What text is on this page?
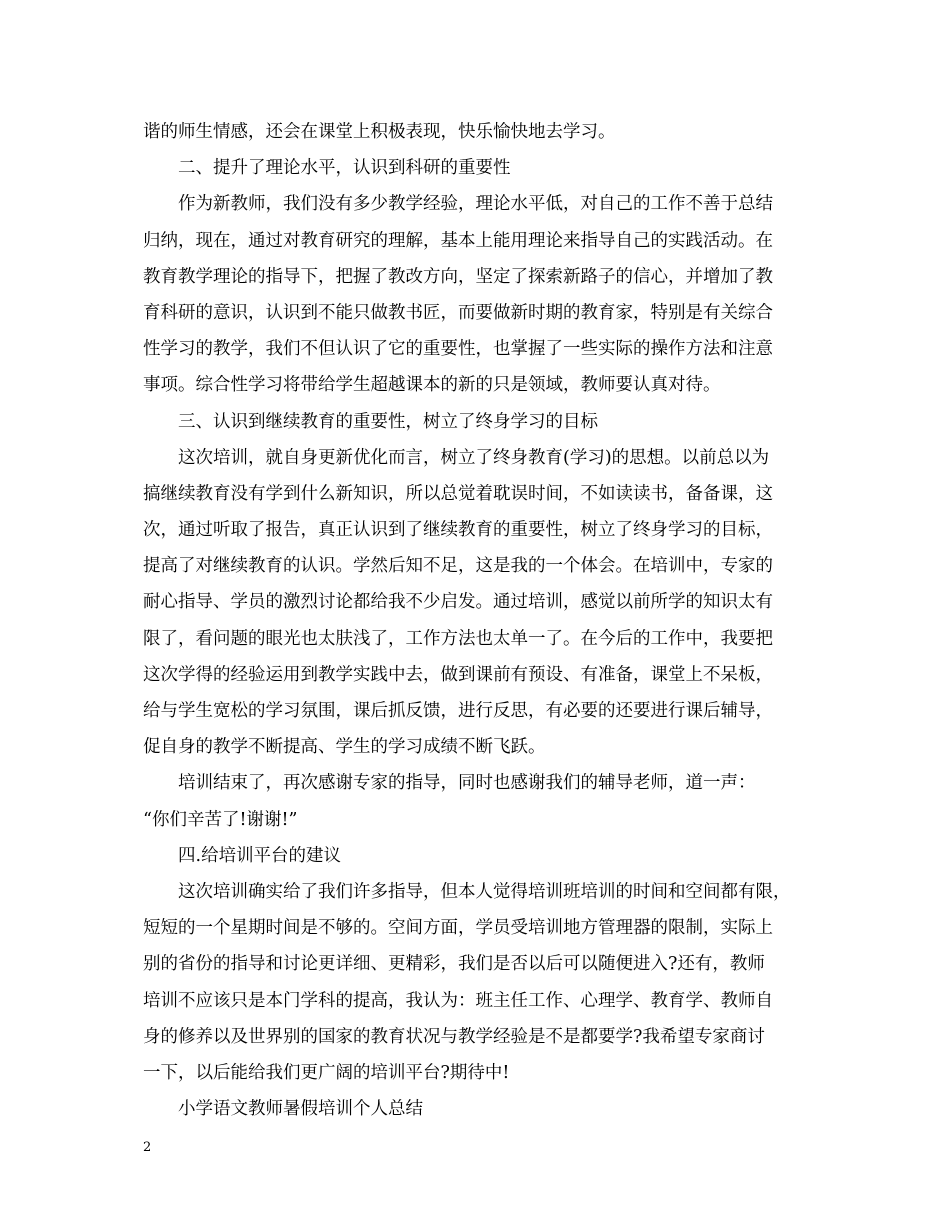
谐的师生情感，还会在课堂上积极表现，快乐愉快地去学习。
二、提升了理论水平，认识到科研的重要性
作为新教师，我们没有多少教学经验，理论水平低，对自己的工作不善于总结
归纳，现在，通过对教育研究的理解，基本上能用理论来指导自己的实践活动。在
教育教学理论的指导下，把握了教改方向，坚定了探索新路子的信心，并增加了教
育科研的意识，认识到不能只做教书匠，而要做新时期的教育家，特别是有关综合
性学习的教学，我们不但认识了它的重要性，也掌握了一些实际的操作方法和注意
事项。综合性学习将带给学生超越课本的新的只是领域，教师要认真对待。
三、认识到继续教育的重要性，树立了终身学习的目标
这次培训，就自身更新优化而言，树立了终身教育(学习)的思想。以前总以为
搞继续教育没有学到什么新知识，所以总觉着耽误时间，不如读读书，备备课，这
次，通过听取了报告，真正认识到了继续教育的重要性，树立了终身学习的目标，
提高了对继续教育的认识。学然后知不足，这是我的一个体会。在培训中，专家的
耐心指导、学员的激烈讨论都给我不少启发。通过培训，感觉以前所学的知识太有
限了，看问题的眼光也太肤浅了，工作方法也太单一了。在今后的工作中，我要把
这次学得的经验运用到教学实践中去，做到课前有预设、有准备，课堂上不呆板，
给与学生宽松的学习氛围，课后抓反馈，进行反思，有必要的还要进行课后辅导，
促自身的教学不断提高、学生的学习成绩不断飞跃。
培训结束了，再次感谢专家的指导，同时也感谢我们的辅导老师，道一声：
“你们辛苦了!谢谢!”
四.给培训平台的建议
这次培训确实给了我们许多指导，但本人觉得培训班培训的时间和空间都有限，
短短的一个星期时间是不够的。空间方面，学员受培训地方管理器的限制，实际上
别的省份的指导和讨论更详细、更精彩，我们是否以后可以随便进入?还有，教师
培训不应该只是本门学科的提高，我认为：班主任工作、心理学、教育学、教师自
身的修养以及世界别的国家的教育状况与教学经验是不是都要学?我希望专家商讨
一下，以后能给我们更广阔的培训平台?期待中!
小学语文教师暑假培训个人总结
2
